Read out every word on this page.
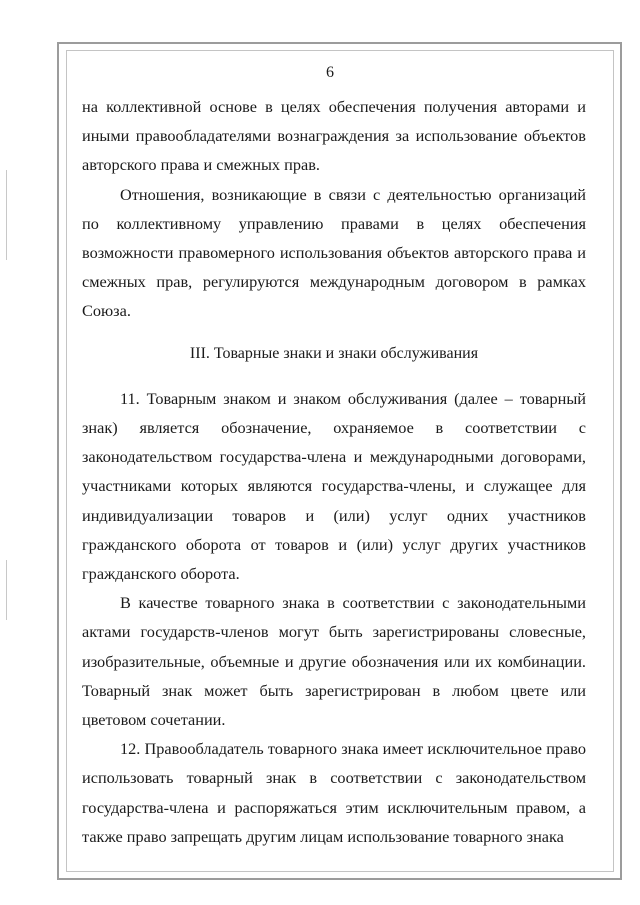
6

на коллективной основе в целях обеспечения получения авторами и иными правообладателями вознаграждения за использование объектов авторского права и смежных прав.

Отношения, возникающие в связи с деятельностью организаций по коллективному управлению правами в целях обеспечения возможности правомерного использования объектов авторского права и смежных прав, регулируются международным договором в рамках Союза.

III. Товарные знаки и знаки обслуживания

11. Товарным знаком и знаком обслуживания (далее – товарный знак) является обозначение, охраняемое в соответствии с законодательством государства-члена и международными договорами, участниками которых являются государства-члены, и служащее для индивидуализации товаров и (или) услуг одних участников гражданского оборота от товаров и (или) услуг других участников гражданского оборота.

В качестве товарного знака в соответствии с законодательными актами государств-членов могут быть зарегистрированы словесные, изобразительные, объемные и другие обозначения или их комбинации. Товарный знак может быть зарегистрирован в любом цвете или цветовом сочетании.

12. Правообладатель товарного знака имеет исключительное право использовать товарный знак в соответствии с законодательством государства-члена и распоряжаться этим исключительным правом, а также право запрещать другим лицам использование товарного знака
